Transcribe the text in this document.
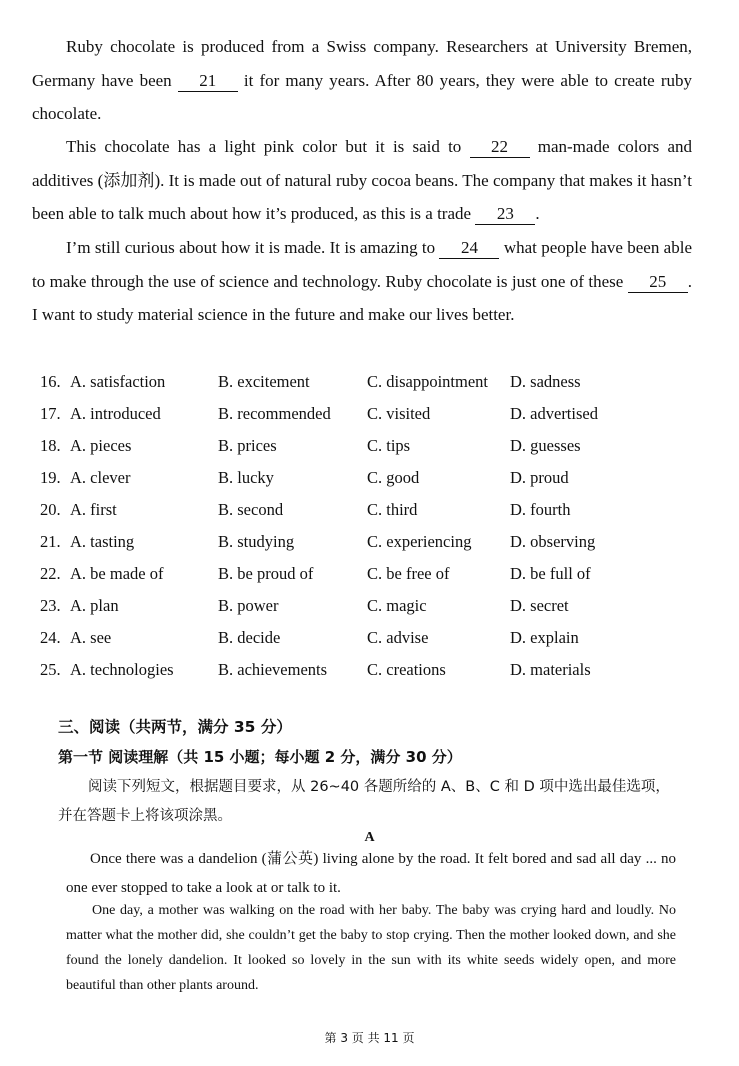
Ruby chocolate is produced from a Swiss company. Researchers at University Bremen, Germany have been 21 it for many years. After 80 years, they were able to create ruby chocolate.
This chocolate has a light pink color but it is said to 22 man-made colors and additives (添加剂). It is made out of natural ruby cocoa beans. The company that makes it hasn’t been able to talk much about how it’s produced, as this is a trade 23 .
I’m still curious about how it is made. It is amazing to 24 what people have been able to make through the use of science and technology. Ruby chocolate is just one of these 25 . I want to study material science in the future and make our lives better.
16. A. satisfaction	B. excitement	C. disappointment D. sadness
17. A. introduced	B. recommended C. visited	D. advertised
18. A. pieces	B. prices	C. tips	D. guesses
19. A. clever	B. lucky	C. good	D. proud
20. A. first	B. second	C. third	D. fourth
21. A. tasting	B. studying	C. experiencing D. observing
22. A. be made of	B. be proud of	C. be free of	D. be full of
23. A. plan	B. power	C. magic	D. secret
24. A. see	B. decide	C. advise	D. explain
25. A. technologies	B. achievements C. creations	D. materials
三、阅读（共两节，满分 35 分）
第一节 阅读理解（共 15 小题；每小题 2 分，满分 30 分）
阅读下列短文，根据题目要求，从 26~40 各题所给的 A、B、C 和 D 项中选出最佳选项，并在答题卡上将该项涂黑。
A
Once there was a dandelion (蒲公英) living alone by the road. It felt bored and sad all day ... no one ever stopped to take a look at or talk to it.
One day, a mother was walking on the road with her baby. The baby was crying hard and loudly. No matter what the mother did, she couldn’t get the baby to stop crying. Then the mother looked down, and she found the lonely dandelion. It looked so lovely in the sun with its white seeds widely open, and more beautiful than other plants around.
第 3 页 共 11 页
